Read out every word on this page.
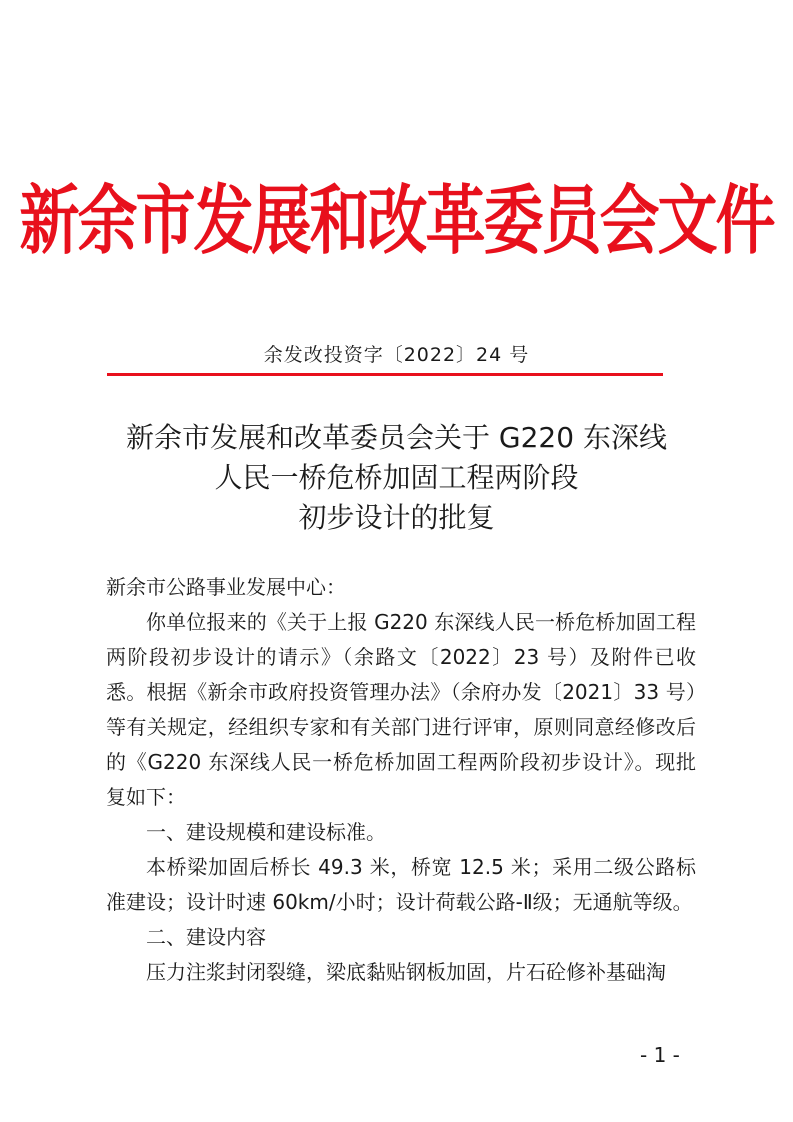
新余市发展和改革委员会文件
余发改投资字〔2022〕24 号
新余市发展和改革委员会关于 G220 东深线
人民一桥危桥加固工程两阶段
初步设计的批复

新余市公路事业发展中心：

你单位报来的《关于上报 G220 东深线人民一桥危桥加固工程两阶段初步设计的请示》（余路文〔2022〕23 号）及附件已收悉。根据《新余市政府投资管理办法》（余府办发〔2021〕33 号）等有关规定，经组织专家和有关部门进行评审，原则同意经修改后的《G220 东深线人民一桥危桥加固工程两阶段初步设计》。现批复如下：

一、建设规模和建设标准。

本桥梁加固后桥长 49.3 米，桥宽 12.5 米；采用二级公路标准建设；设计时速 60km/小时；设计荷载公路-Ⅱ级；无通航等级。

二、建设内容

压力注浆封闭裂缝，梁底黏贴钢板加固，片石砼修补基础淘

- 1 -
